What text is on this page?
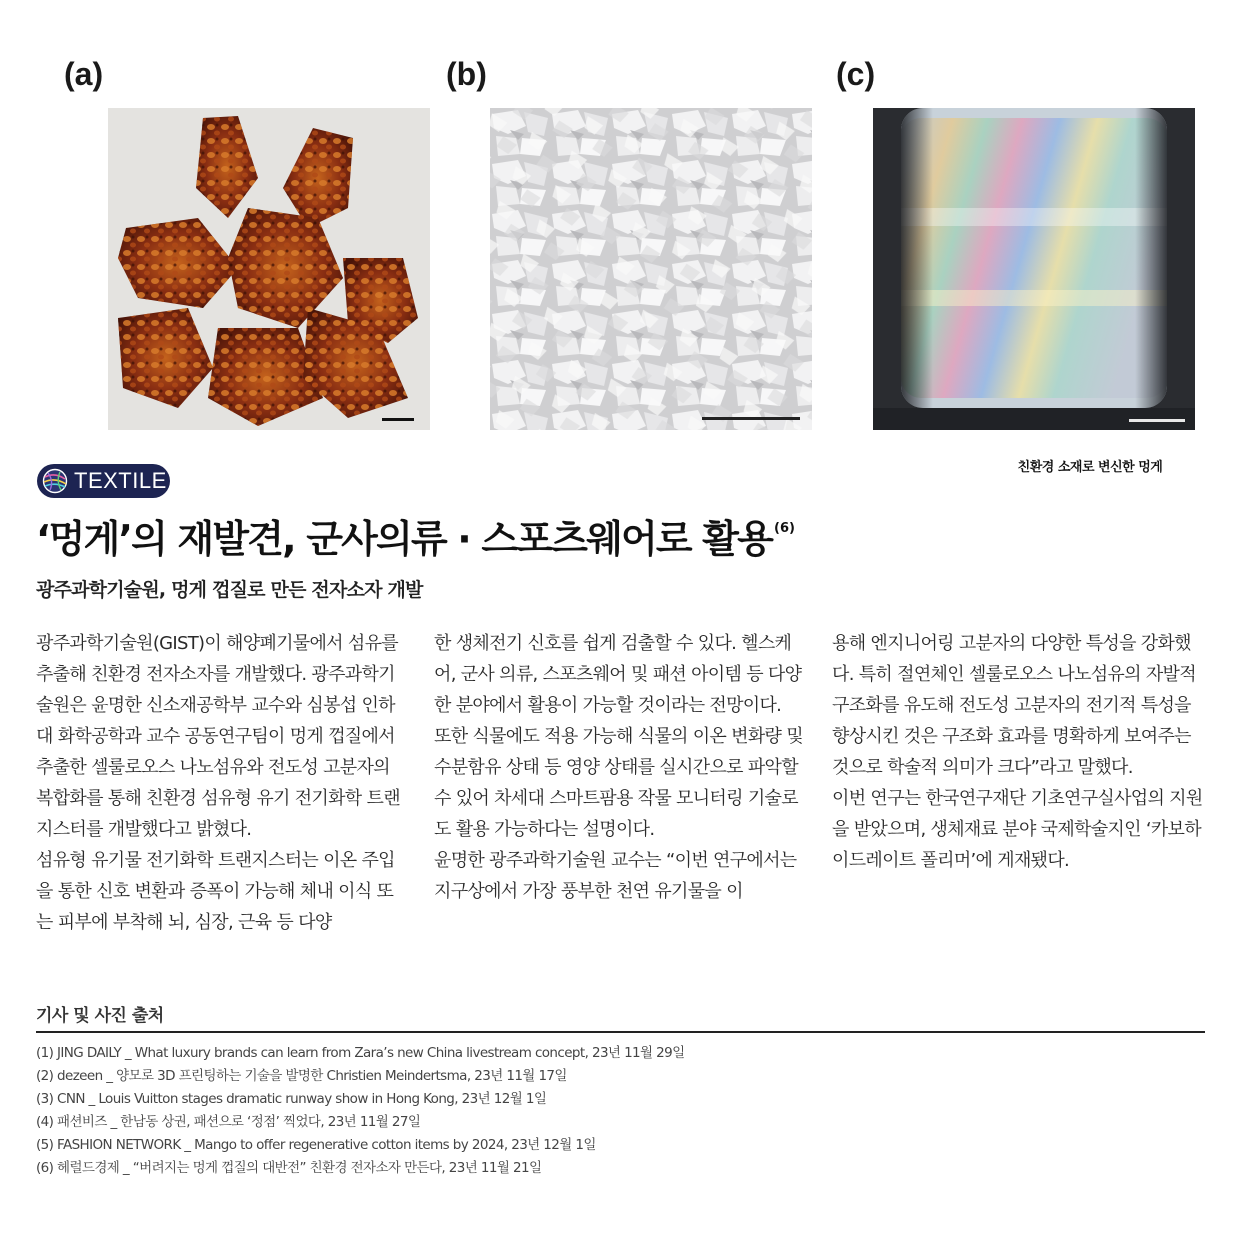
(a)	(b)	(c)
친환경 소재로 변신한 멍게
TEXTILE
‘멍게’의 재발견, 군사의류 · 스포츠웨어로 활용 $^{(6)}$
광주과학기술원, 멍게 껍질로 만든 전자소자 개발

광주과학기술원(GIST)이 해양폐기물에서 섬유를 추출해 친환경 전자소자를 개발했다. 광주과학기술원은 윤명한 신소재공학부 교수와 심봉섭 인하대 화학공학과 교수 공동연구팀이 멍게 껍질에서 추출한 셀룰로오스 나노섬유와 전도성 고분자의 복합화를 통해 친환경 섬유형 유기 전기화학 트랜지스터를 개발했다고 밝혔다.

섬유형 유기물 전기화학 트랜지스터는 이온 주입을 통한 신호 변환과 증폭이 가능해 체내 이식 또는 피부에 부착해 뇌, 심장, 근육 등 다양

한 생체전기 신호를 쉽게 검출할 수 있다. 헬스케어, 군사 의류, 스포츠웨어 및 패션 아이템 등 다양한 분야에서 활용이 가능할 것이라는 전망이다.

또한 식물에도 적용 가능해 식물의 이온 변화량 및 수분함유 상태 등 영양 상태를 실시간으로 파악할 수 있어 차세대 스마트팜용 작물 모니터링 기술로도 활용 가능하다는 설명이다.

윤명한 광주과학기술원 교수는 “이번 연구에서는 지구상에서 가장 풍부한 천연 유기물을 이

용해 엔지니어링 고분자의 다양한 특성을 강화했다. 특히 절연체인 셀룰로오스 나노섬유의 자발적 구조화를 유도해 전도성 고분자의 전기적 특성을 향상시킨 것은 구조화 효과를 명확하게 보여주는 것으로 학술적 의미가 크다”라고 말했다.

이번 연구는 한국연구재단 기초연구실사업의 지원을 받았으며, 생체재료 분야 국제학술지인 ‘카보하이드레이트 폴리머’에 게재됐다.

기사 및 사진 출처
(1) JING DAILY _ What luxury brands can learn from Zara’s new China livestream concept, 23년 11월 29일
(2) dezeen _ 양모로 3D 프린팅하는 기술을 발명한 Christien Meindertsma, 23년 11월 17일
(3) CNN _ Louis Vuitton stages dramatic runway show in Hong Kong, 23년 12월 1일
(4) 패션비즈 _ 한남동 상권, 패션으로 ‘정점’ 찍었다, 23년 11월 27일
(5) FASHION NETWORK _ Mango to offer regenerative cotton items by 2024, 23년 12월 1일
(6) 헤럴드경제 _ “버려지는 멍게 껍질의 대반전” 친환경 전자소자 만든다, 23년 11월 21일
